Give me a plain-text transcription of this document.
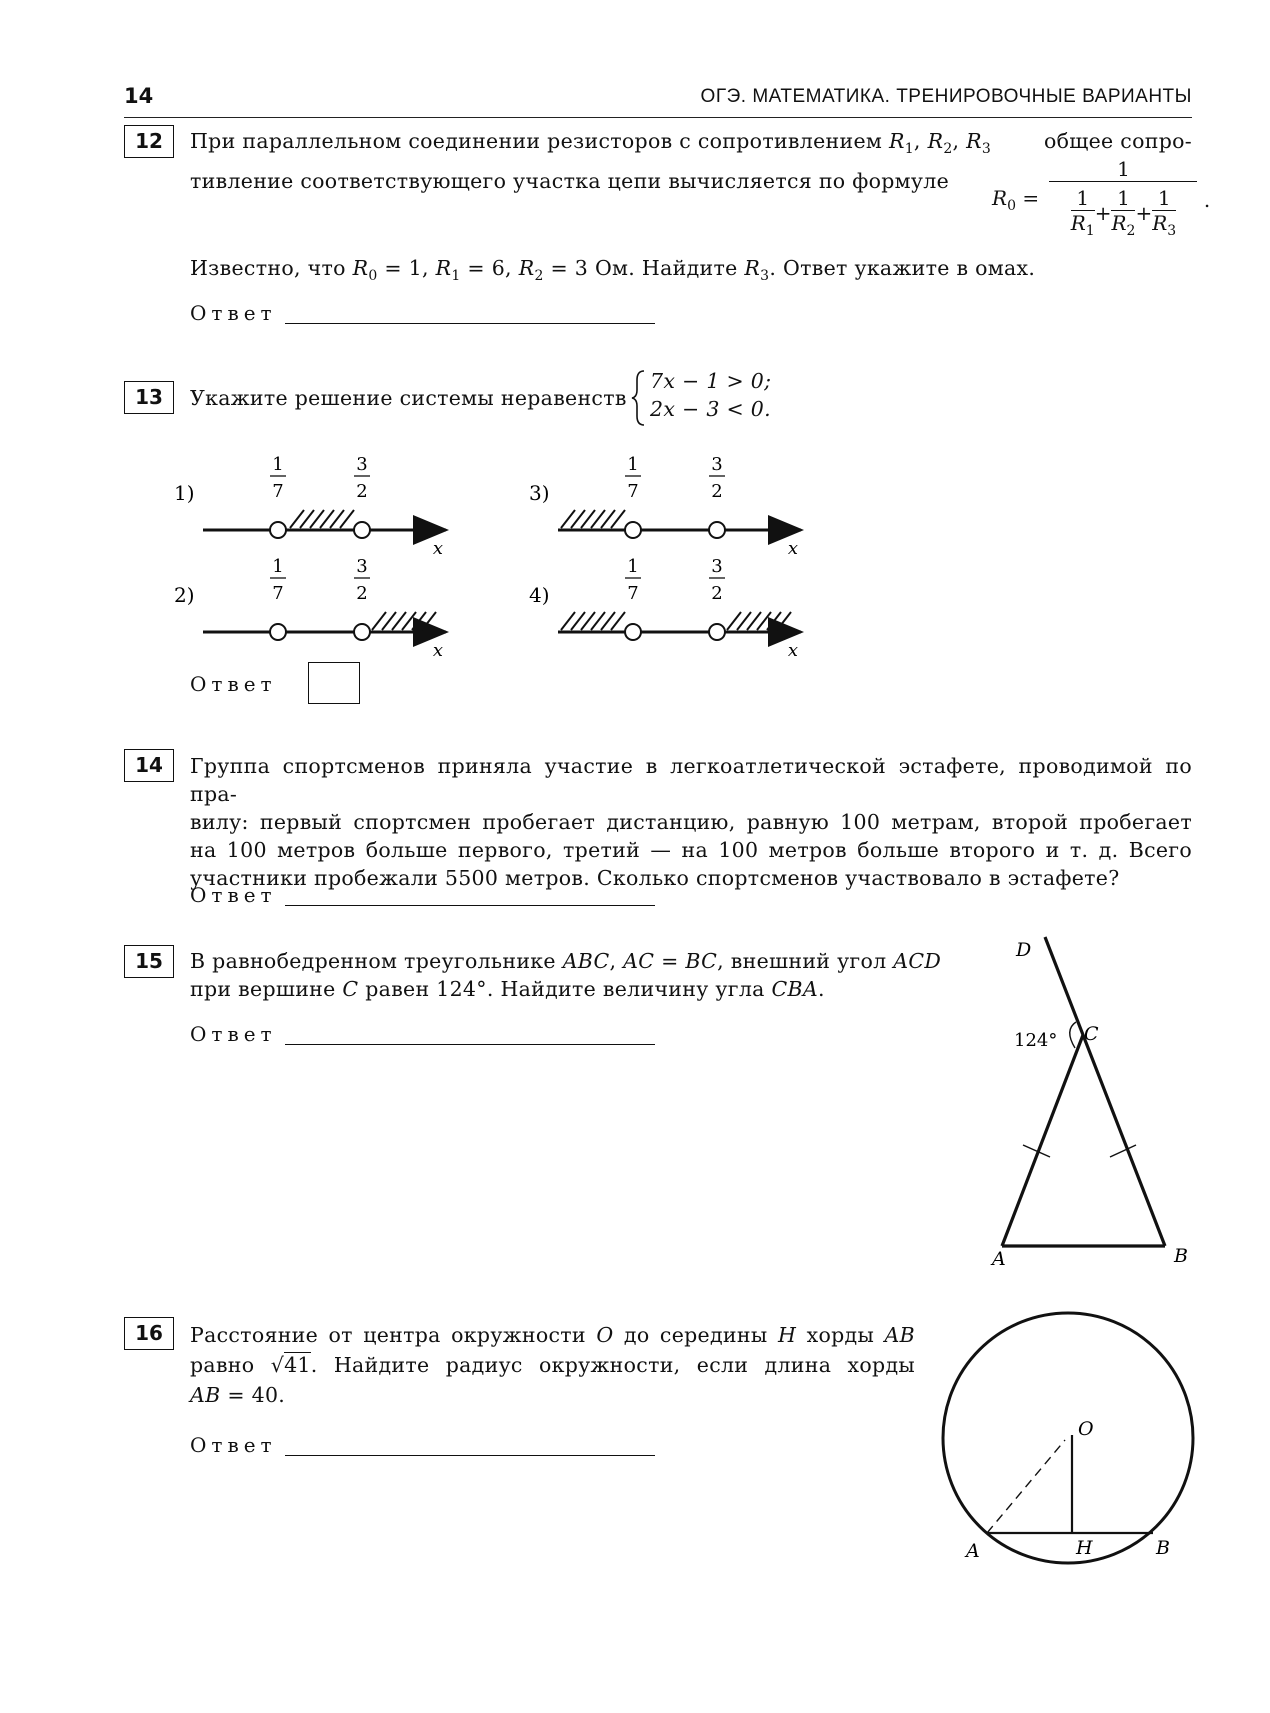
14	ОГЭ. МАТЕМАТИКА. ТРЕНИРОВОЧНЫЕ ВАРИАНТЫ
12	При параллельном соединении резисторов с сопротивлением $R_1$, $R_2$, $R_3$	общее сопро-
тивление соответствующего участка цепи вычисляется по формуле
$R_0 = \frac{1}{\frac{1}{R_1} + \frac{1}{R_2} + \frac{1}{R_3}}$ .
Известно, что $R_0 = 1$, $R_1 = 6$, $R_2 = 3$ Ом. Найдите $R_3$. Ответ укажите в омах.
Ответ
13	Укажите решение системы неравенств
7x − 1 > 0;
2x − 3 < 0.
1)
1
7
3
2
x
2)
1
7
3
2
x
3)
1
7
3
2
x
4)
1
7
3
2
x
Ответ
14	Группа спортсменов приняла участие в легкоатлетической эстафете, проводимой по пра-
вилу: первый спортсмен пробегает дистанцию, равную 100 метрам, второй пробегает
на 100 метров больше первого, третий — на 100 метров больше второго и т. д. Всего
участники пробежали 5500 метров. Сколько спортсменов участвовало в эстафете?
Ответ
15	В равнобедренном треугольнике ABC, AC = BC, внешний угол ACD
при вершине C равен 124°. Найдите величину угла CBA.
Ответ
D
C
A	B
124°
16	Расстояние от центра окружности O до середины H хорды AB
равно √41. Найдите радиус окружности, если длина хорды
AB = 40.
Ответ
O
A	H	B
